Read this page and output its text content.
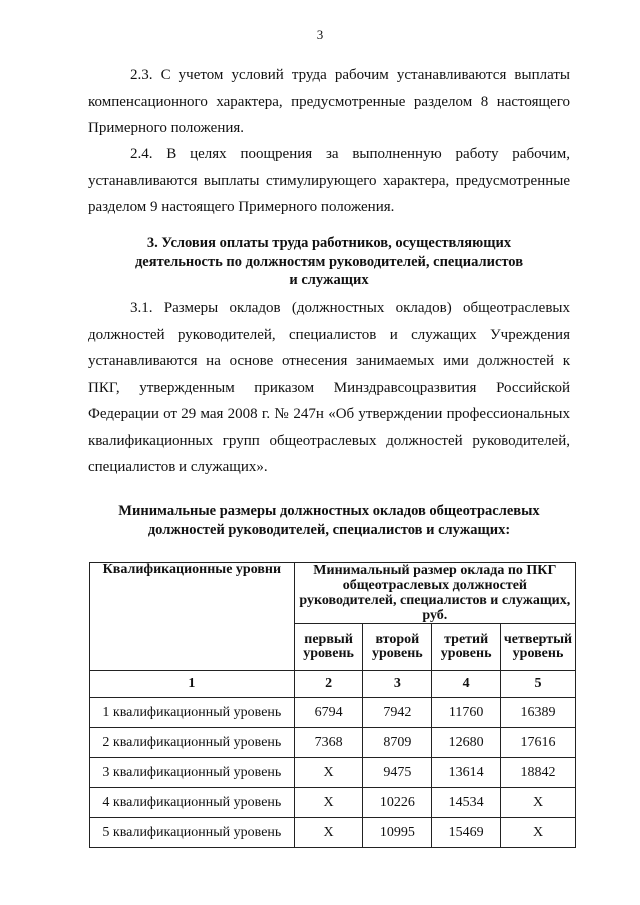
3

2.3. С учетом условий труда рабочим устанавливаются выплаты компенсационного характера, предусмотренные разделом 8 настоящего Примерного положения.

2.4. В целях поощрения за выполненную работу рабочим, устанавливаются выплаты стимулирующего характера, предусмотренные разделом 9 настоящего Примерного положения.

3. Условия оплаты труда работников, осуществляющих
деятельность по должностям руководителей, специалистов
и служащих

3.1. Размеры окладов (должностных окладов) общеотраслевых должностей руководителей, специалистов и служащих Учреждения устанавливаются на основе отнесения занимаемых ими должностей к ПКГ, утвержденным приказом Минздравсоцразвития Российской Федерации от 29 мая 2008 г. № 247н «Об утверждении профессиональных квалификационных групп общеотраслевых должностей руководителей, специалистов и служащих».

Минимальные размеры должностных окладов общеотраслевых
должностей руководителей, специалистов и служащих:
Квалификационные уровни	Минимальный размер оклада по ПКГ общеотраслевых должностей руководителей, специалистов и служащих, руб.			
	первый уровень	второй уровень	третий уровень	четвертый уровень
1	2	3	4	5
1 квалификационный уровень	6794	7942	11760	16389
2 квалификационный уровень	7368	8709	12680	17616
3 квалификационный уровень	Х	9475	13614	18842
4 квалификационный уровень	Х	10226	14534	Х
5 квалификационный уровень	Х	10995	15469	Х
